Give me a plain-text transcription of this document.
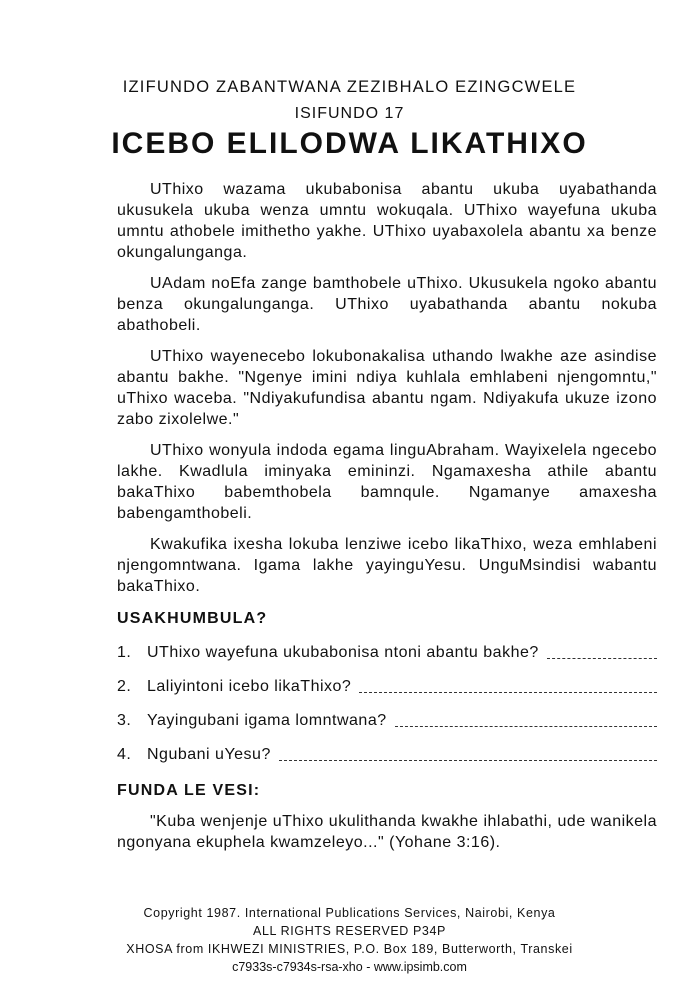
IZIFUNDO ZABANTWANA ZEZIBHALO EZINGCWELE
ISIFUNDO 17
ICEBO ELILODWA LIKATHIXO

UThixo wazama ukubabonisa abantu ukuba uyabathanda ukusukela ukuba wenza umntu wokuqala. UThixo wayefuna ukuba umntu athobele imithetho yakhe. UThixo uyabaxolela abantu xa benze okungalunganga.

UAdam noEfa zange bamthobele uThixo. Ukusukela ngoko abantu benza okungalunganga. UThixo uyabathanda abantu nokuba abathobeli.

UThixo wayenecebo lokubonakalisa uthando lwakhe aze asindise abantu bakhe. "Ngenye imini ndiya kuhlala emhlabeni njengomntu," uThixo waceba. "Ndiyakufundisa abantu ngam. Ndiyakufa ukuze izono zabo zixolelwe."

UThixo wonyula indoda egama linguAbraham. Wayixelela ngecebo lakhe. Kwadlula iminyaka emininzi. Ngamaxesha athile abantu bakaThixo babemthobela bamnqule. Ngamanye amaxesha babengamthobeli.

Kwakufika ixesha lokuba lenziwe icebo likaThixo, weza emhlabeni njengomntwana. Igama lakhe yayinguYesu. UnguMsindisi wabantu bakaThixo.

USAKHUMBULA?
1. UThixo wayefuna ukubabonisa ntoni abantu bakhe?
2. Laliyintoni icebo likaThixo?
3. Yayingubani igama lomntwana?
4. Ngubani uYesu?
FUNDA LE VESI:

"Kuba wenjenje uThixo ukulithanda kwakhe ihlabathi, ude wanikela ngonyana ekuphela kwamzeleyo..." (Yohane 3:16).

Copyright 1987. International Publications Services, Nairobi, Kenya
ALL RIGHTS RESERVED P34P
XHOSA from IKHWEZI MINISTRIES, P.O. Box 189, Butterworth, Transkei
c7933s-c7934s-rsa-xho - www.ipsimb.com
